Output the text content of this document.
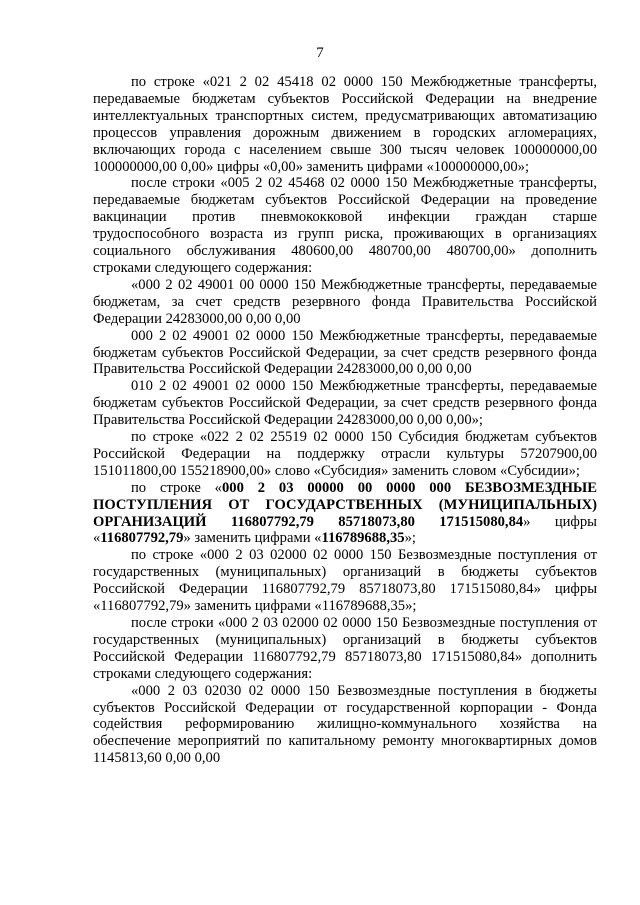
7

по строке «021 2 02 45418 02 0000 150 Межбюджетные трансферты, передаваемые бюджетам субъектов Российской Федерации на внедрение интеллектуальных транспортных систем, предусматривающих автоматизацию процессов управления дорожным движением в городских агломерациях, включающих города с населением свыше 300 тысяч человек 100000000,00 100000000,00 0,00» цифры «0,00» заменить цифрами «100000000,00»;

после строки «005 2 02 45468 02 0000 150 Межбюджетные трансферты, передаваемые бюджетам субъектов Российской Федерации на проведение вакцинации против пневмококковой инфекции граждан старше трудоспособного возраста из групп риска, проживающих в организациях социального обслуживания 480600,00 480700,00 480700,00» дополнить строками следующего содержания:

«000 2 02 49001 00 0000 150 Межбюджетные трансферты, передаваемые бюджетам, за счет средств резервного фонда Правительства Российской Федерации 24283000,00 0,00 0,00

000 2 02 49001 02 0000 150 Межбюджетные трансферты, передаваемые бюджетам субъектов Российской Федерации, за счет средств резервного фонда Правительства Российской Федерации 24283000,00 0,00 0,00

010 2 02 49001 02 0000 150 Межбюджетные трансферты, передаваемые бюджетам субъектов Российской Федерации, за счет средств резервного фонда Правительства Российской Федерации 24283000,00 0,00 0,00»;

по строке «022 2 02 25519 02 0000 150 Субсидия бюджетам субъектов Российской Федерации на поддержку отрасли культуры 57207900,00 151011800,00 155218900,00» слово «Субсидия» заменить словом «Субсидии»;

по строке «000 2 03 00000 00 0000 000 БЕЗВОЗМЕЗДНЫЕ ПОСТУПЛЕНИЯ ОТ ГОСУДАРСТВЕННЫХ (МУНИЦИПАЛЬНЫХ) ОРГАНИЗАЦИЙ 116807792,79 85718073,80 171515080,84» цифры «116807792,79» заменить цифрами «116789688,35»;

по строке «000 2 03 02000 02 0000 150 Безвозмездные поступления от государственных (муниципальных) организаций в бюджеты субъектов Российской Федерации 116807792,79 85718073,80 171515080,84» цифры «116807792,79» заменить цифрами «116789688,35»;

после строки «000 2 03 02000 02 0000 150 Безвозмездные поступления от государственных (муниципальных) организаций в бюджеты субъектов Российской Федерации 116807792,79 85718073,80 171515080,84» дополнить строками следующего содержания:

«000 2 03 02030 02 0000 150 Безвозмездные поступления в бюджеты субъектов Российской Федерации от государственной корпорации - Фонда содействия реформированию жилищно-коммунального хозяйства на обеспечение мероприятий по капитальному ремонту многоквартирных домов 1145813,60 0,00 0,00
